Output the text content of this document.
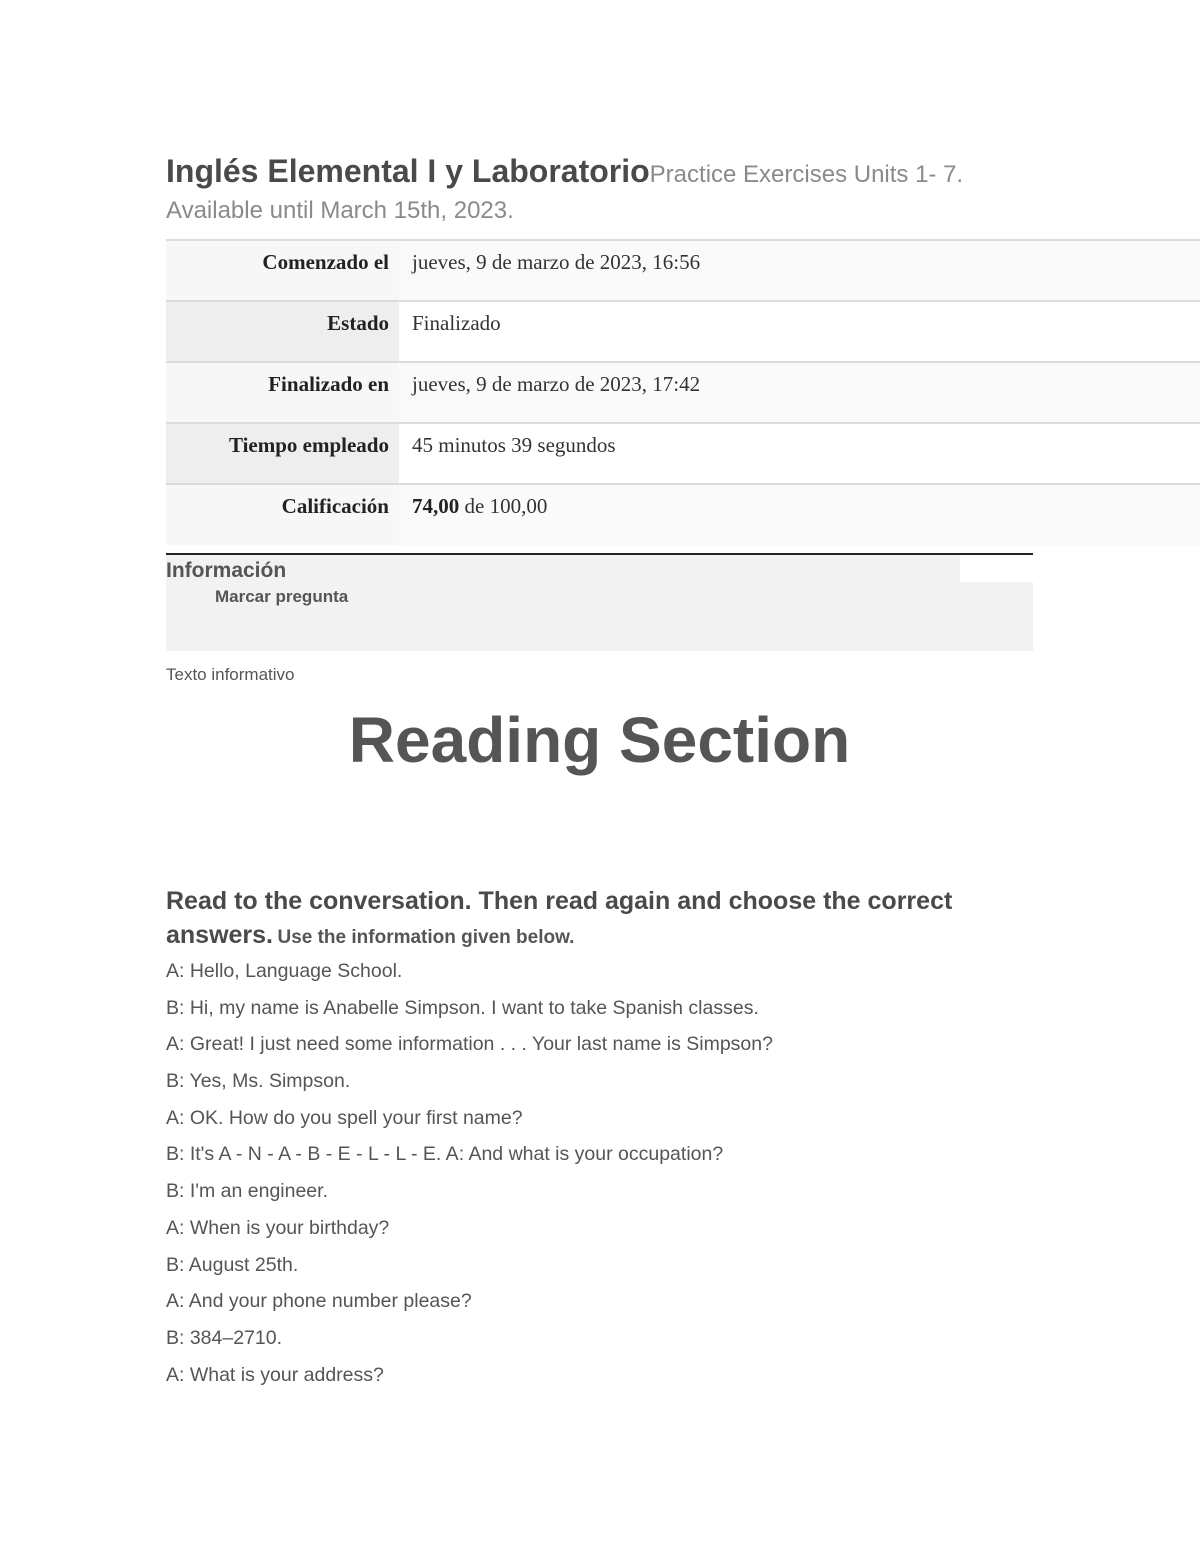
Inglés Elemental I y LaboratorioPractice Exercises Units 1- 7. Available until March 15th, 2023.
Comenzado el	jueves, 9 de marzo de 2023, 16:56
Estado	Finalizado
Finalizado en	jueves, 9 de marzo de 2023, 17:42
Tiempo empleado	45 minutos 39 segundos
Calificación	74,00 de 100,00
Información
Marcar pregunta
Texto informativo
Reading Section
Read to the conversation. Then read again and choose the correct answers. Use the information given below.
A: Hello, Language School.
B: Hi, my name is Anabelle Simpson. I want to take Spanish classes.
A: Great! I just need some information . . . Your last name is Simpson?
B: Yes, Ms. Simpson.
A: OK. How do you spell your first name?
B: It's A - N - A - B - E - L - L - E. A: And what is your occupation?
B: I'm an engineer.
A: When is your birthday?
B: August 25th.
A: And your phone number please?
B: 384–2710.
A: What is your address?
